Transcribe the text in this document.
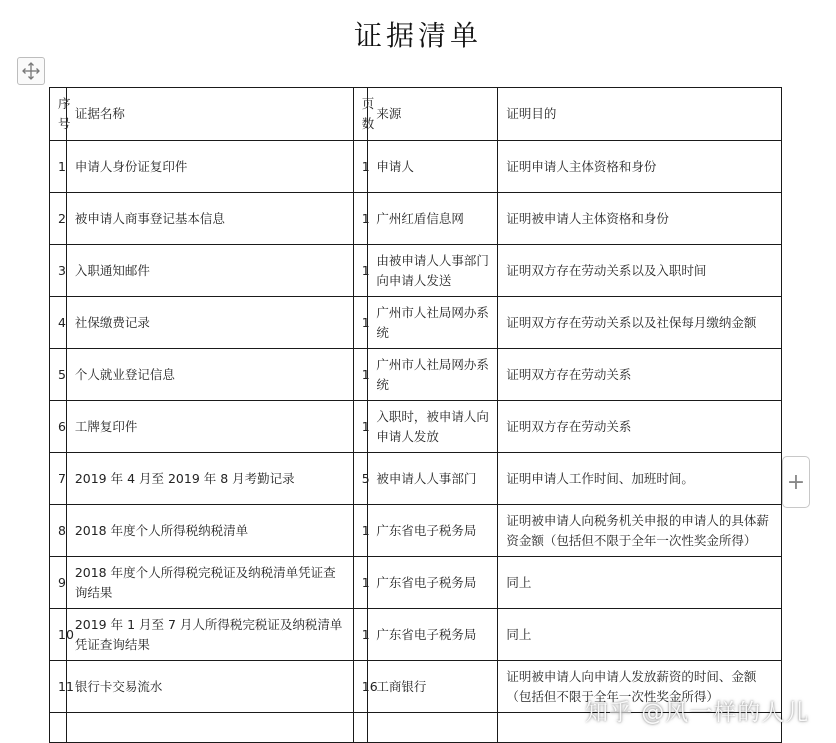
证据清单
序号	证据名称	页数	来源	证明目的
1	申请人身份证复印件	1	申请人	证明申请人主体资格和身份
2	被申请人商事登记基本信息	1	广州红盾信息网	证明被申请人主体资格和身份
3	入职通知邮件	1	由被申请人人事部门向申请人发送	证明双方存在劳动关系以及入职时间
4	社保缴费记录	1	广州市人社局网办系统	证明双方存在劳动关系以及社保每月缴纳金额
5	个人就业登记信息	1	广州市人社局网办系统	证明双方存在劳动关系
6	工牌复印件	1	入职时，被申请人向申请人发放	证明双方存在劳动关系
7	2019 年 4 月至 2019 年 8 月考勤记录	5	被申请人人事部门	证明申请人工作时间、加班时间。
8	2018 年度个人所得税纳税清单	1	广东省电子税务局	证明被申请人向税务机关申报的申请人的具体薪资金额（包括但不限于全年一次性奖金所得）
9	2018 年度个人所得税完税证及纳税清单凭证查询结果	1	广东省电子税务局	同上
10	2019 年 1 月至 7 月人所得税完税证及纳税清单凭证查询结果	1	广东省电子税务局	同上
11	银行卡交易流水	16	工商银行	证明被申请人向申请人发放薪资的时间、金额（包括但不限于全年一次性奖金所得）

+
知乎 @风一样的人儿
